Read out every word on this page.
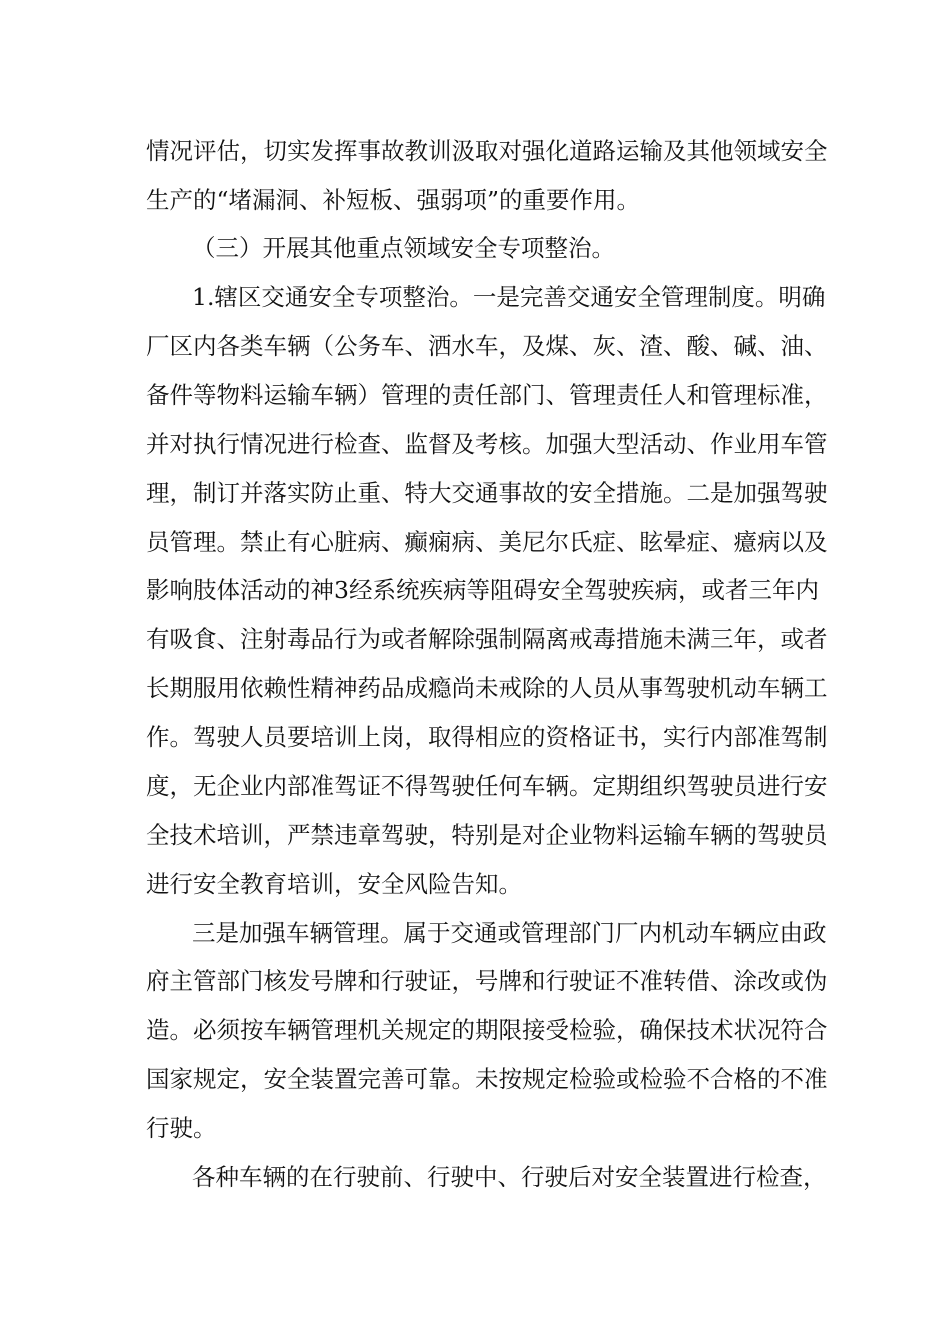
情况评估，切实发挥事故教训汲取对强化道路运输及其他领域安全
生产的“堵漏洞、补短板、强弱项”的重要作用。
（三）开展其他重点领域安全专项整治。
1.辖区交通安全专项整治。一是完善交通安全管理制度。明确
厂区内各类车辆（公务车、洒水车，及煤、灰、渣、酸、碱、油、
备件等物料运输车辆）管理的责任部门、管理责任人和管理标准，
并对执行情况进行检查、监督及考核。加强大型活动、作业用车管
理，制订并落实防止重、特大交通事故的安全措施。二是加强驾驶
员管理。禁止有心脏病、癫痫病、美尼尔氏症、眩晕症、癔病以及
影响肢体活动的神3经系统疾病等阻碍安全驾驶疾病，或者三年内
有吸食、注射毒品行为或者解除强制隔离戒毒措施未满三年，或者
长期服用依赖性精神药品成瘾尚未戒除的人员从事驾驶机动车辆工
作。驾驶人员要培训上岗，取得相应的资格证书，实行内部准驾制
度，无企业内部准驾证不得驾驶任何车辆。定期组织驾驶员进行安
全技术培训，严禁违章驾驶，特别是对企业物料运输车辆的驾驶员
进行安全教育培训，安全风险告知。
三是加强车辆管理。属于交通或管理部门厂内机动车辆应由政
府主管部门核发号牌和行驶证，号牌和行驶证不准转借、涂改或伪
造。必须按车辆管理机关规定的期限接受检验，确保技术状况符合
国家规定，安全装置完善可靠。未按规定检验或检验不合格的不准
行驶。
各种车辆的在行驶前、行驶中、行驶后对安全装置进行检查，
